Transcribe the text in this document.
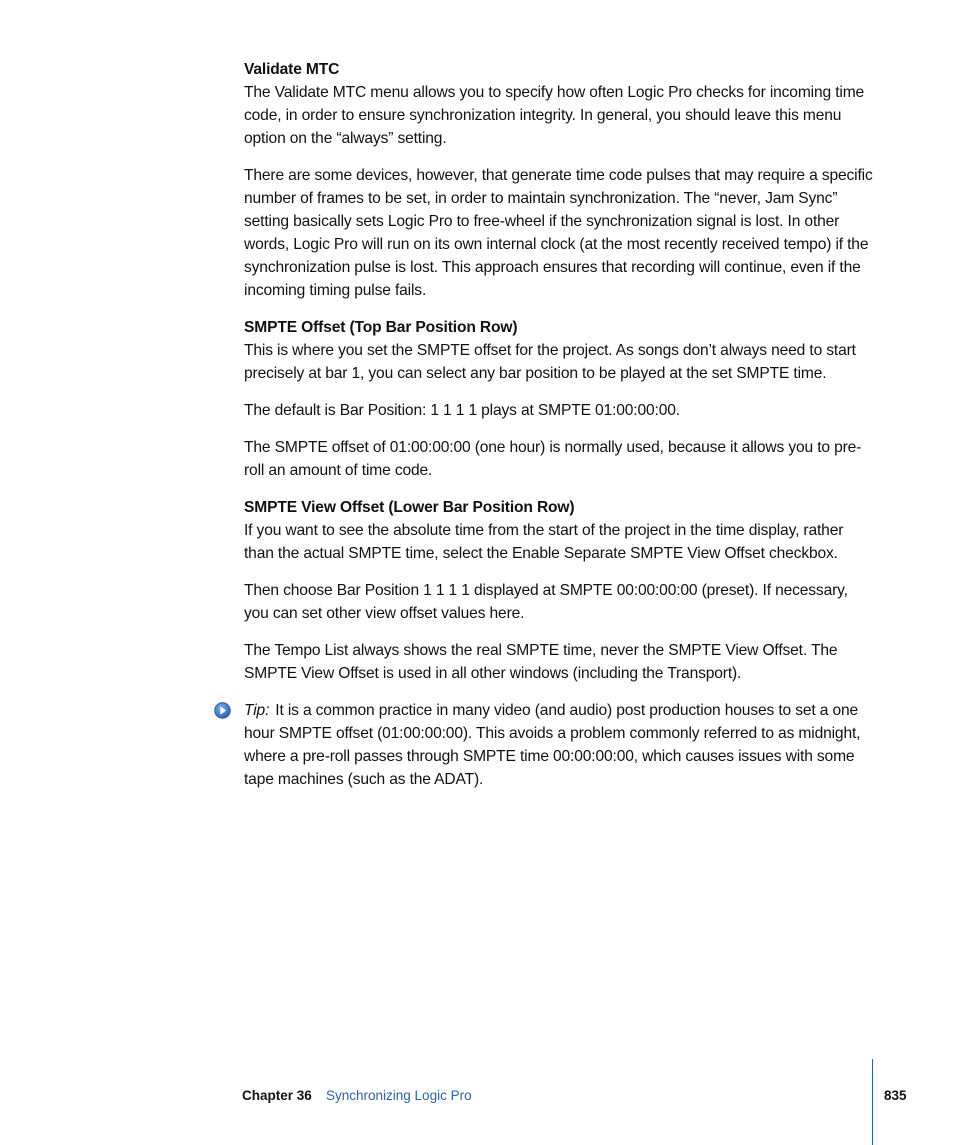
Validate MTC

The Validate MTC menu allows you to specify how often Logic Pro checks for incoming time code, in order to ensure synchronization integrity. In general, you should leave this menu option on the “always” setting.

There are some devices, however, that generate time code pulses that may require a specific number of frames to be set, in order to maintain synchronization. The “never, Jam Sync” setting basically sets Logic Pro to free-wheel if the synchronization signal is lost. In other words, Logic Pro will run on its own internal clock (at the most recently received tempo) if the synchronization pulse is lost. This approach ensures that recording will continue, even if the incoming timing pulse fails.

SMPTE Offset (Top Bar Position Row)

This is where you set the SMPTE offset for the project. As songs don’t always need to start precisely at bar 1, you can select any bar position to be played at the set SMPTE time.

The default is Bar Position: 1 1 1 1 plays at SMPTE 01:00:00:00.

The SMPTE offset of 01:00:00:00 (one hour) is normally used, because it allows you to pre-roll an amount of time code.

SMPTE View Offset (Lower Bar Position Row)

If you want to see the absolute time from the start of the project in the time display, rather than the actual SMPTE time, select the Enable Separate SMPTE View Offset checkbox.

Then choose Bar Position 1 1 1 1 displayed at SMPTE 00:00:00:00 (preset). If necessary, you can set other view offset values here.

The Tempo List always shows the real SMPTE time, never the SMPTE View Offset. The SMPTE View Offset is used in all other windows (including the Transport).

Tip: It is a common practice in many video (and audio) post production houses to set a one hour SMPTE offset (01:00:00:00). This avoids a problem commonly referred to as midnight, where a pre-roll passes through SMPTE time 00:00:00:00, which causes issues with some tape machines (such as the ADAT).

Chapter 36 Synchronizing Logic Pro	835
